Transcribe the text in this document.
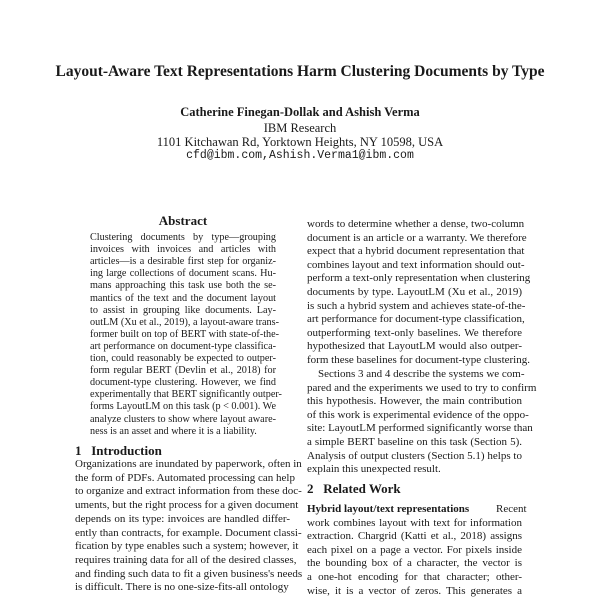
Layout-Aware Text Representations Harm Clustering Documents by Type
Catherine Finegan-Dollak and Ashish Verma
IBM Research
1101 Kitchawan Rd, Yorktown Heights, NY 10598, USA
cfd@ibm.com,Ashish.Verma1@ibm.com
Abstract
Clustering documents by type—grouping
invoices with invoices and articles with
articles—is a desirable first step for organiz-
ing large collections of document scans. Hu-
mans approaching this task use both the se-
mantics of the text and the document layout
to assist in grouping like documents. Lay-
outLM (Xu et al., 2019), a layout-aware trans-
former built on top of BERT with state-of-the-
art performance on document-type classifica-
tion, could reasonably be expected to outper-
form regular BERT (Devlin et al., 2018) for
document-type clustering. However, we find
experimentally that BERT significantly outper-
forms LayoutLM on this task (p < 0.001). We
analyze clusters to show where layout aware-
ness is an asset and where it is a liability.
1   Introduction
Organizations are inundated by paperwork, often in
the form of PDFs. Automated processing can help
to organize and extract information from these doc-
uments, but the right process for a given document
depends on its type: invoices are handled differ-
ently than contracts, for example. Document classi-
fication by type enables such a system; however, it
requires training data for all of the desired classes,
and finding such data to fit a given business's needs
is difficult. There is no one-size-fits-all ontology
words to determine whether a dense, two-column
document is an article or a warranty. We therefore
expect that a hybrid document representation that
combines layout and text information should out-
perform a text-only representation when clustering
documents by type. LayoutLM (Xu et al., 2019)
is such a hybrid system and achieves state-of-the-
art performance for document-type classification,
outperforming text-only baselines. We therefore
hypothesized that LayoutLM would also outper-
form these baselines for document-type clustering.
Sections 3 and 4 describe the systems we com-
pared and the experiments we used to try to confirm
this hypothesis. However, the main contribution
of this work is experimental evidence of the oppo-
site: LayoutLM performed significantly worse than
a simple BERT baseline on this task (Section 5).
Analysis of output clusters (Section 5.1) helps to
explain this unexpected result.
2   Related Work
Hybrid layout/text representations Recent
work combines layout with text for information
extraction. Chargrid (Katti et al., 2018) assigns
each pixel on a page a vector. For pixels inside
the bounding box of a character, the vector is
a one-hot encoding for that character; other-
wise, it is a vector of zeros. This generates a
